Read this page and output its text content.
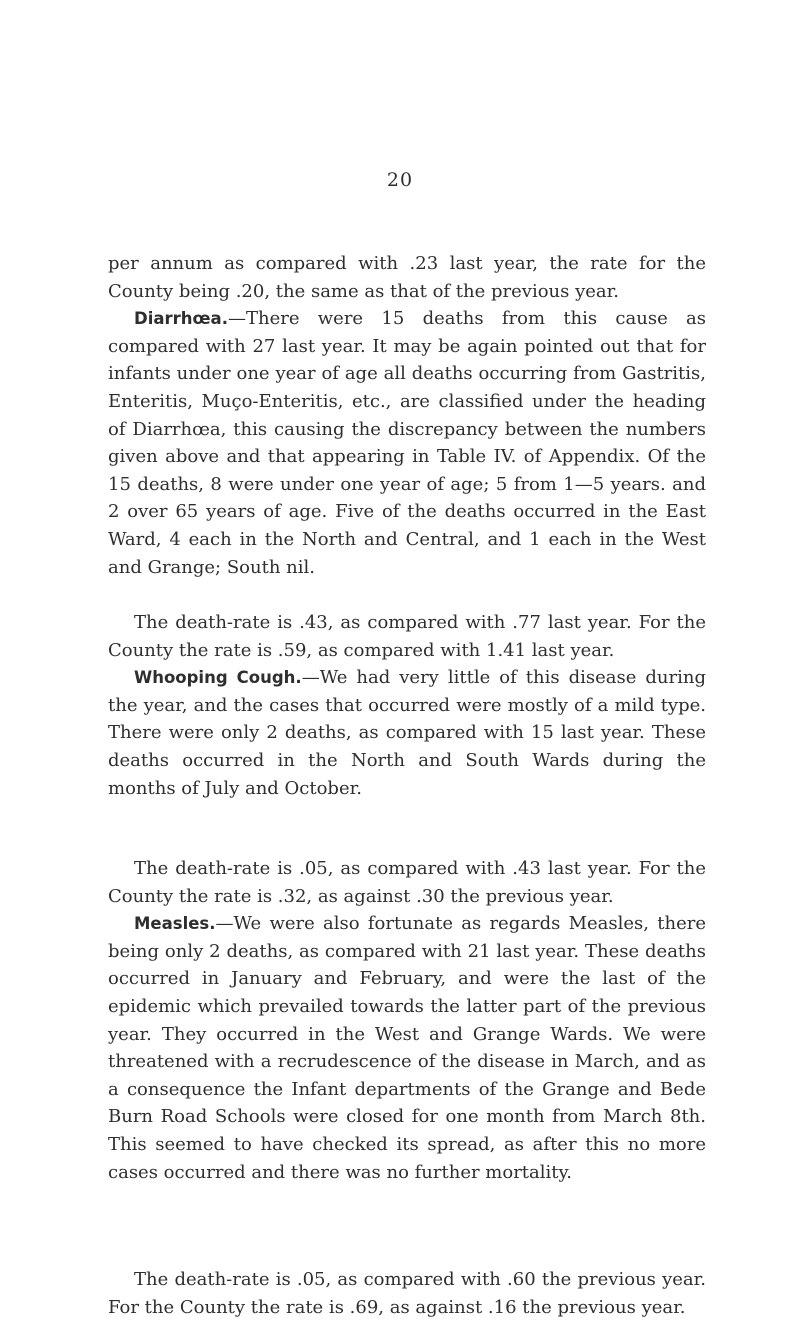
20

per annum as compared with .23 last year, the rate for the County being .20, the same as that of the previous year.

Diarrhœa.—There were 15 deaths from this cause as compared with 27 last year. It may be again pointed out that for infants under one year of age all deaths occurring from Gastritis, Enteritis, Muço-Enteritis, etc., are classified under the heading of Diarrhœa, this causing the discrepancy between the numbers given above and that appearing in Table IV. of Appendix. Of the 15 deaths, 8 were under one year of age; 5 from 1—5 years. and 2 over 65 years of age. Five of the deaths occurred in the East Ward, 4 each in the North and Central, and 1 each in the West and Grange; South nil.

The death-rate is .43, as compared with .77 last year. For the County the rate is .59, as compared with 1.41 last year.

Whooping Cough.—We had very little of this disease during the year, and the cases that occurred were mostly of a mild type. There were only 2 deaths, as compared with 15 last year. These deaths occurred in the North and South Wards during the months of July and October.

The death-rate is .05, as compared with .43 last year. For the County the rate is .32, as against .30 the previous year.

Measles.—We were also fortunate as regards Measles, there being only 2 deaths, as compared with 21 last year. These deaths occurred in January and February, and were the last of the epidemic which prevailed towards the latter part of the previous year. They occurred in the West and Grange Wards. We were threatened with a recrudescence of the disease in March, and as a consequence the Infant departments of the Grange and Bede Burn Road Schools were closed for one month from March 8th. This seemed to have checked its spread, as after this no more cases occurred and there was no further mortality.

The death-rate is .05, as compared with .60 the previous year. For the County the rate is .69, as against .16 the previous year.
